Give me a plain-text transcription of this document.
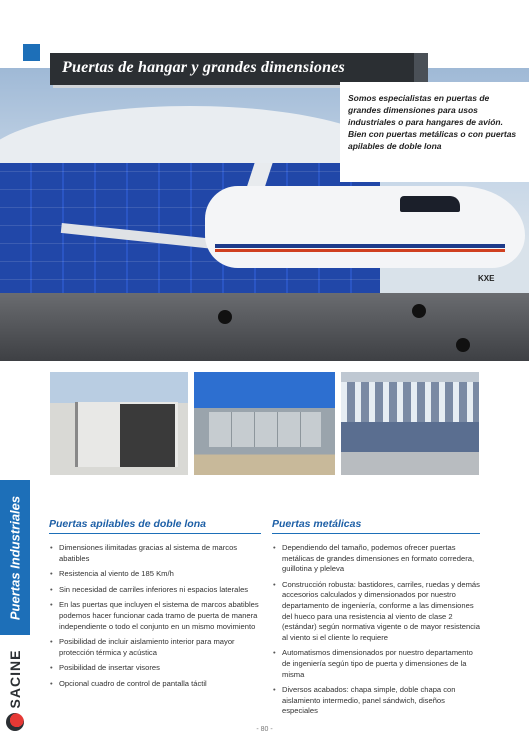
KXE
Puertas de hangar y grandes dimensiones

Somos especialistas en puertas de grandes dimensiones para usos industriales o para hangares de avión. Bien con puertas metálicas o con puertas apilables de doble lona

Puertas Industriales
SACINE
Puertas apilables de doble lona
• Dimensiones ilimitadas gracias al sistema de marcos abatibles
• Resistencia al viento de 185 Km/h
• Sin necesidad de carriles inferiores ni espacios laterales
• En las puertas que incluyen el sistema de marcos abatibles podemos hacer funcionar cada tramo de puerta de manera independiente o todo el conjunto en un mismo movimiento
• Posibilidad de incluir aislamiento interior para mayor protección térmica y acústica
• Posibilidad de insertar visores
• Opcional cuadro de control de pantalla táctil
Puertas metálicas
• Dependiendo del tamaño, podemos ofrecer puertas metálicas de grandes dimensiones en formato corredera, guillotina y pleleva
• Construcción robusta: bastidores, carriles, ruedas y demás accesorios calculados y dimensionados por nuestro departamento de ingeniería, conforme a las dimensiones del hueco para una resistencia al viento de clase 2 (estándar) según normativa vigente o de mayor resistencia al viento si el cliente lo requiere
• Automatismos dimensionados por nuestro departamento de ingeniería según tipo de puerta y dimensiones de la misma
• Diversos acabados: chapa simple, doble chapa con aislamiento intermedio, panel sándwich, diseños especiales
- 80 -
